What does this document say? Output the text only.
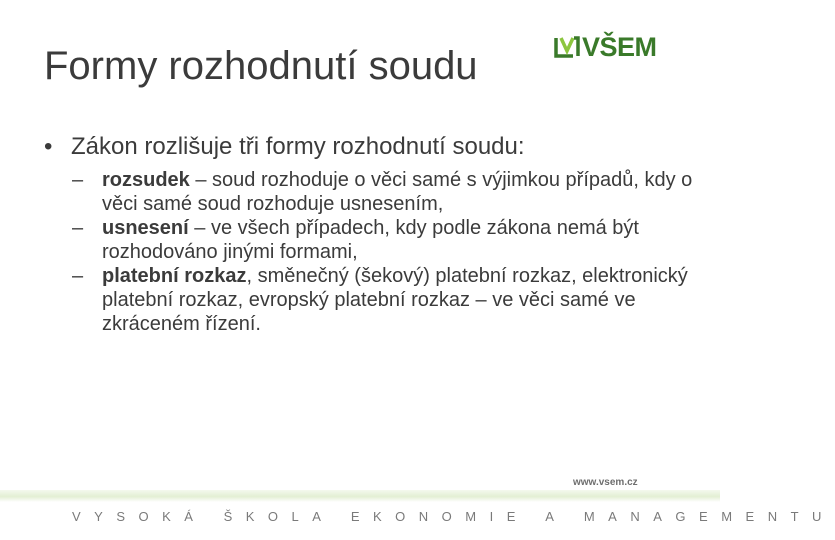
Formy rozhodnutí soudu	VŠEM
• Zákon rozlišuje tři formy rozhodnutí soudu:
– rozsudek – soud rozhoduje o věci samé s výjimkou případů, kdy o věci samé soud rozhoduje usnesením,
– usnesení – ve všech případech, kdy podle zákona nemá být rozhodováno jinými formami,
– platební rozkaz, směnečný (šekový) platební rozkaz, elektronický platební rozkaz, evropský platební rozkaz – ve věci samé ve zkráceném řízení.
www.vsem.cz
VYSOKÁ ŠKOLA EKONOMIE A MANAGEMENTU
